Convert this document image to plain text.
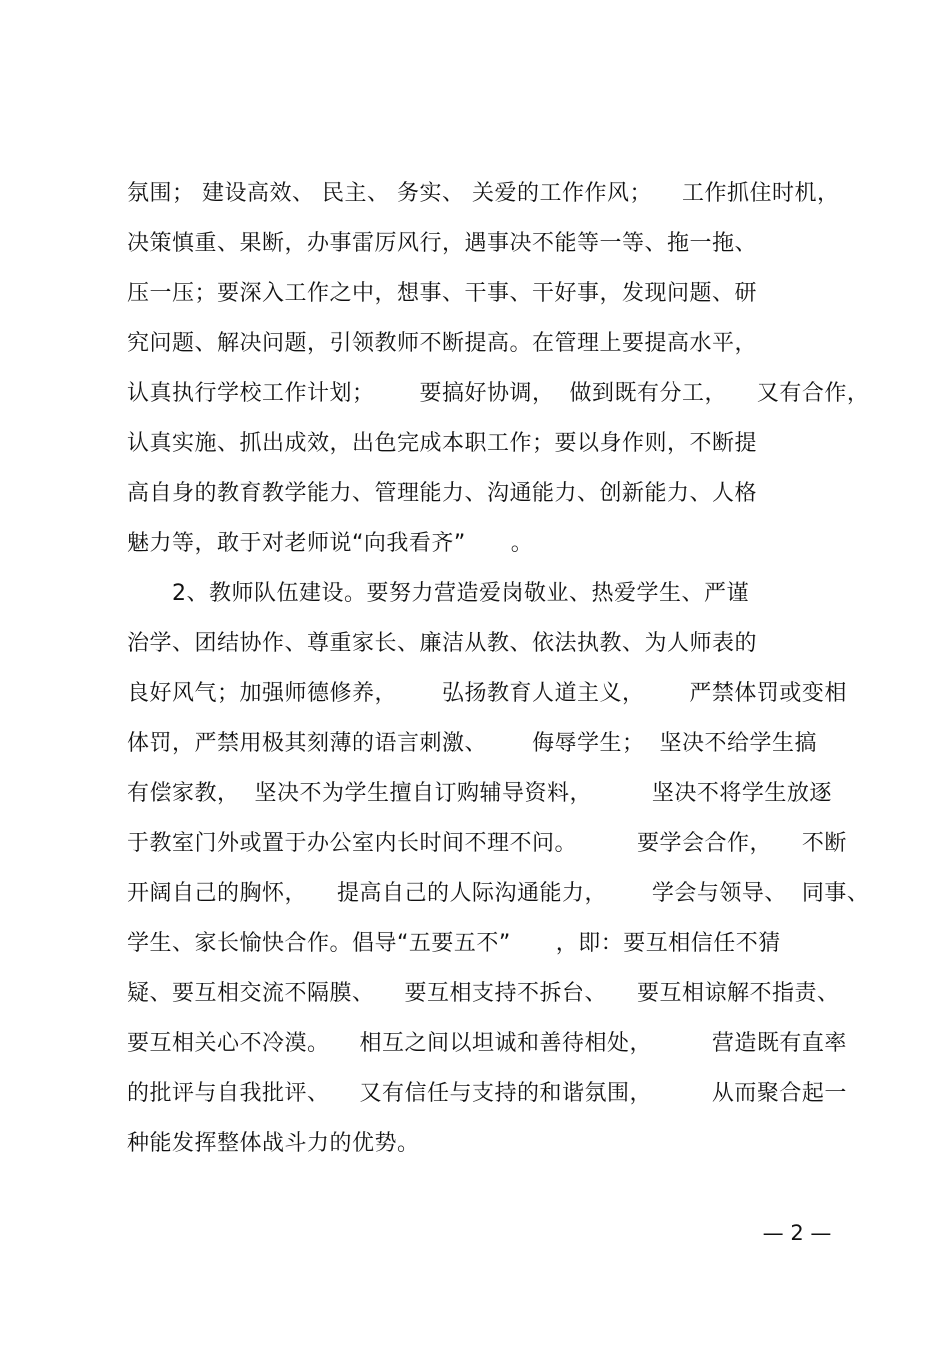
氛围； 建设高效、 民主、 务实、 关爱的工作作风；    工作抓住时机，
决策慎重、果断，办事雷厉风行，遇事决不能等一等、拖一拖、
压一压；要深入工作之中，想事、干事、干好事，发现问题、研
究问题、解决问题，引领教师不断提高。在管理上要提高水平，
认真执行学校工作计划；      要搞好协调，  做到既有分工，    又有合作，
认真实施、抓出成效，出色完成本职工作；要以身作则，不断提
高自身的教育教学能力、管理能力、沟通能力、创新能力、人格
魅力等，敢于对老师说“向我看齐”      。
2、教师队伍建设。要努力营造爱岗敬业、热爱学生、严谨
治学、团结协作、尊重家长、廉洁从教、依法执教、为人师表的
良好风气；加强师德修养，      弘扬教育人道主义，      严禁体罚或变相
体罚，严禁用极其刻薄的语言刺激、      侮辱学生；  坚决不给学生搞
有偿家教，  坚决不为学生擅自订购辅导资料，        坚决不将学生放逐
于教室门外或置于办公室内长时间不理不问。        要学会合作，    不断
开阔自己的胸怀，    提高自己的人际沟通能力，      学会与领导、  同事、
学生、家长愉快合作。倡导“五要五不”      ，即：要互相信任不猜
疑、要互相交流不隔膜、    要互相支持不拆台、    要互相谅解不指责、
要互相关心不冷漠。    相互之间以坦诚和善待相处，        营造既有直率
的批评与自我批评、    又有信任与支持的和谐氛围，        从而聚合起一
种能发挥整体战斗力的优势。
— 2 —
